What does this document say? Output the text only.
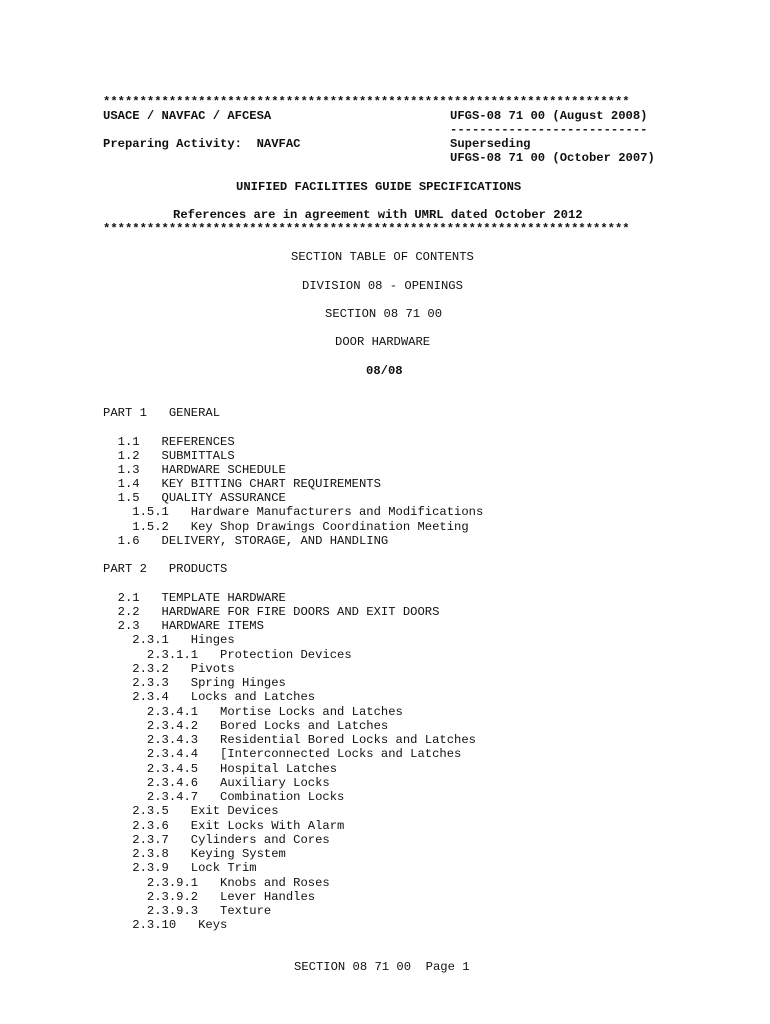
************************************************************************
USACE / NAVFAC / AFCESA	UFGS-08 71 00 (August 2008)
---------------------------
Preparing Activity:  NAVFAC	Superseding
UFGS-08 71 00 (October 2007)
UNIFIED FACILITIES GUIDE SPECIFICATIONS
References are in agreement with UMRL dated October 2012
************************************************************************
SECTION TABLE OF CONTENTS
DIVISION 08 - OPENINGS
SECTION 08 71 00
DOOR HARDWARE
08/08
PART 1   GENERAL
1.1   REFERENCES
1.2   SUBMITTALS
1.3   HARDWARE SCHEDULE
1.4   KEY BITTING CHART REQUIREMENTS
1.5   QUALITY ASSURANCE
1.5.1   Hardware Manufacturers and Modifications
1.5.2   Key Shop Drawings Coordination Meeting
1.6   DELIVERY, STORAGE, AND HANDLING
PART 2   PRODUCTS
2.1   TEMPLATE HARDWARE
2.2   HARDWARE FOR FIRE DOORS AND EXIT DOORS
2.3   HARDWARE ITEMS
2.3.1   Hinges
2.3.1.1   Protection Devices
2.3.2   Pivots
2.3.3   Spring Hinges
2.3.4   Locks and Latches
2.3.4.1   Mortise Locks and Latches
2.3.4.2   Bored Locks and Latches
2.3.4.3   Residential Bored Locks and Latches
2.3.4.4   [Interconnected Locks and Latches
2.3.4.5   Hospital Latches
2.3.4.6   Auxiliary Locks
2.3.4.7   Combination Locks
2.3.5   Exit Devices
2.3.6   Exit Locks With Alarm
2.3.7   Cylinders and Cores
2.3.8   Keying System
2.3.9   Lock Trim
2.3.9.1   Knobs and Roses
2.3.9.2   Lever Handles
2.3.9.3   Texture
2.3.10   Keys
SECTION 08 71 00  Page 1
